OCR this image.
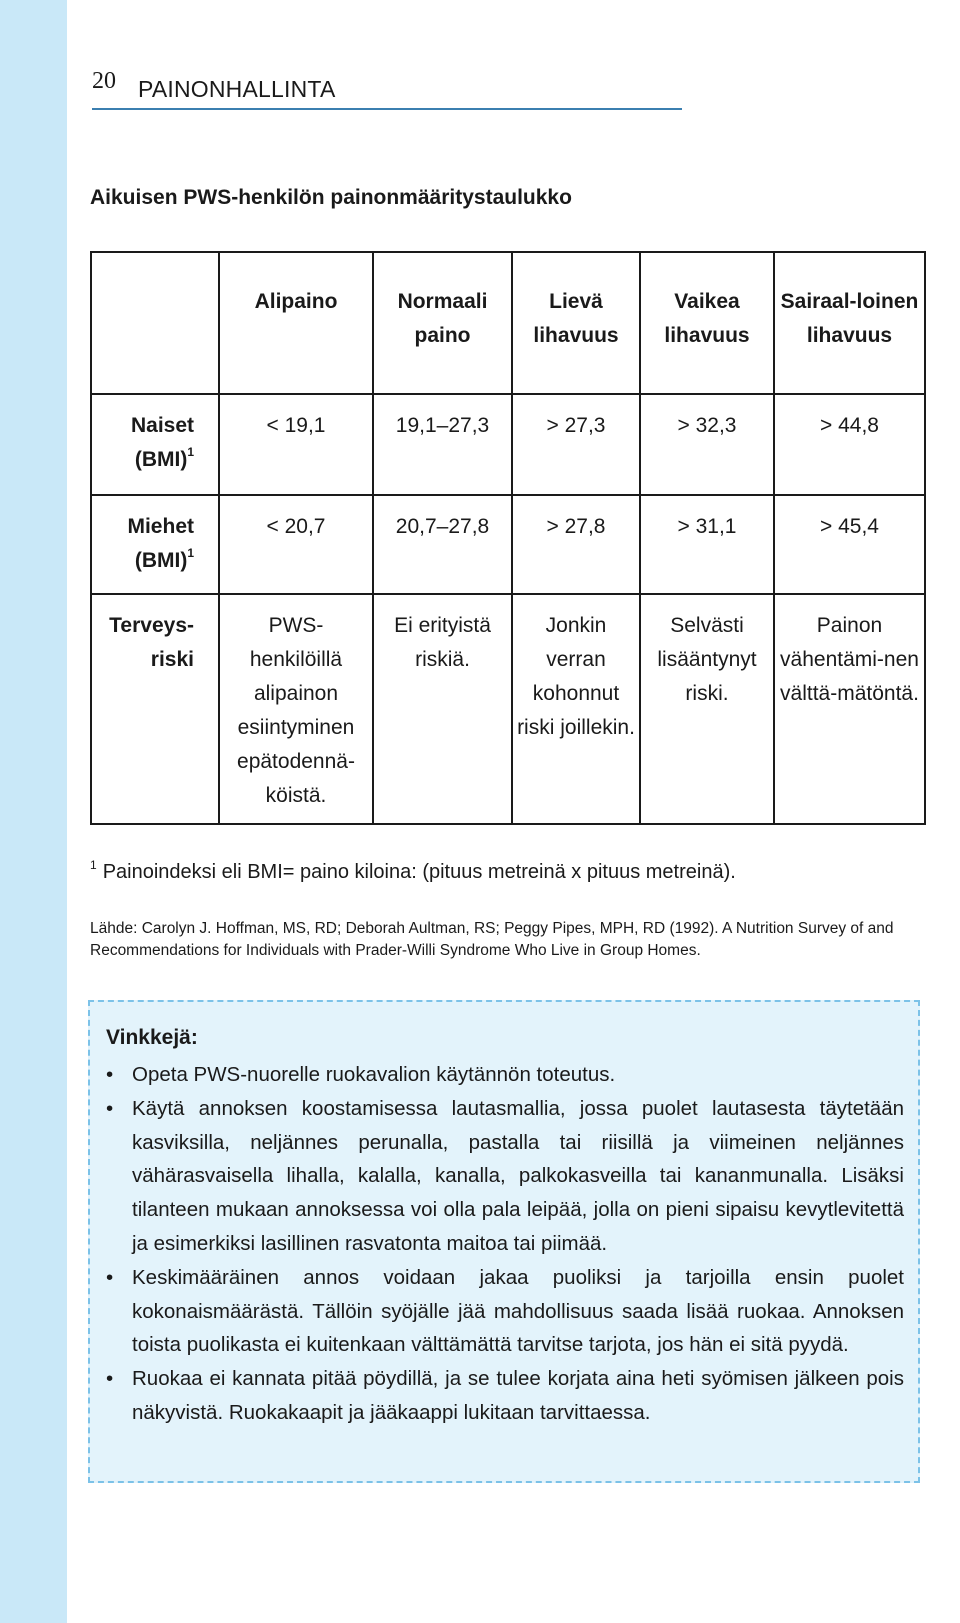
20 PAINONHALLINTA
Aikuisen PWS-henkilön painonmääritystaulukko
	Alipaino	Normaali paino	Lievä lihavuus	Vaikea lihavuus	Sairaal-loinen lihavuus
Naiset (BMI)$^1$	< 19,1	19,1–27,3	> 27,3	> 32,3	> 44,8
Miehet (BMI)$^1$	< 20,7	20,7–27,8	> 27,8	> 31,1	> 45,4
Terveys-riski	PWS-henkilöillä alipainon esiintyminen epätodennä-köistä.	Ei erityistä riskiä.	Jonkin verran kohonnut riski joillekin.	Selvästi lisääntynyt riski.	Painon vähentämi-nen välttä-mätöntä.
$^1$ Painoindeksi eli BMI= paino kiloina: (pituus metreinä x pituus metreinä).
Lähde: Carolyn J. Hoffman, MS, RD; Deborah Aultman, RS; Peggy Pipes, MPH, RD (1992). A Nutrition Survey of and Recommendations for Individuals with Prader-Willi Syndrome Who Live in Group Homes.
Vinkkejä:
• Opeta PWS-nuorelle ruokavalion käytännön toteutus.
• Käytä annoksen koostamisessa lautasmallia, jossa puolet lautasesta täytetään kasviksilla, neljännes perunalla, pastalla tai riisillä ja viimeinen neljännes vähärasvaisella lihalla, kalalla, kanalla, palkokasveilla tai kananmunalla. Lisäksi tilanteen mukaan annoksessa voi olla pala leipää, jolla on pieni sipaisu kevytlevitettä ja esimerkiksi lasillinen rasvatonta maitoa tai piimää.
• Keskimääräinen annos voidaan jakaa puoliksi ja tarjoilla ensin puolet kokonaismäärästä. Tällöin syöjälle jää mahdollisuus saada lisää ruokaa. Annoksen toista puolikasta ei kuitenkaan välttämättä tarvitse tarjota, jos hän ei sitä pyydä.
• Ruokaa ei kannata pitää pöydillä, ja se tulee korjata aina heti syömisen jälkeen pois näkyvistä. Ruokakaapit ja jääkaappi lukitaan tarvittaessa.
